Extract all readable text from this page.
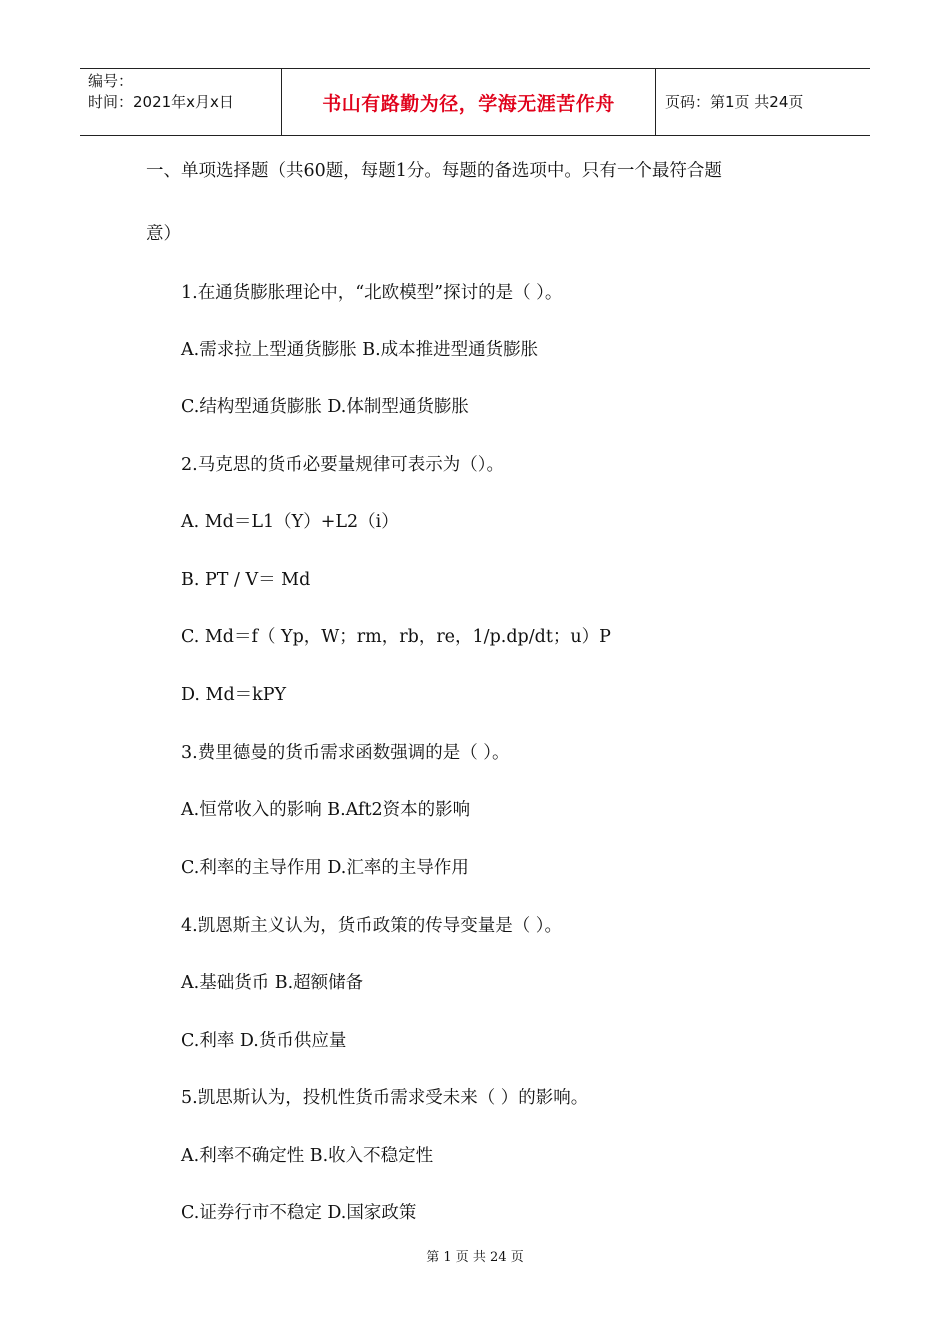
编号：
时间：2021年x月x日	书山有路勤为径，学海无涯苦作舟	页码：第1页 共24页
一、单项选择题（共60题，每题1分。每题的备选项中。只有一个最符合题
意）
1.在通货膨胀理论中，“北欧模型”探讨的是（ ）。
A.需求拉上型通货膨胀 B.成本推进型通货膨胀
C.结构型通货膨胀 D.体制型通货膨胀
2.马克思的货币必要量规律可表示为（）。
A. Md＝L1（Y）+L2（i）
B. PT / V＝ Md
C. Md＝f（ Yp，W；rm，rb，re，1/p.dp/dt；u）P
D. Md＝kPY
3.费里德曼的货币需求函数强调的是（ ）。
A.恒常收入的影响 B.Aft2资本的影响
C.利率的主导作用 D.汇率的主导作用
4.凯恩斯主义认为，货币政策的传导变量是（ ）。
A.基础货币 B.超额储备
C.利率 D.货币供应量
5.凯思斯认为，投机性货币需求受未来（ ）的影响。
A.利率不确定性 B.收入不稳定性
C.证券行市不稳定 D.国家政策
第 1 页 共 24 页
